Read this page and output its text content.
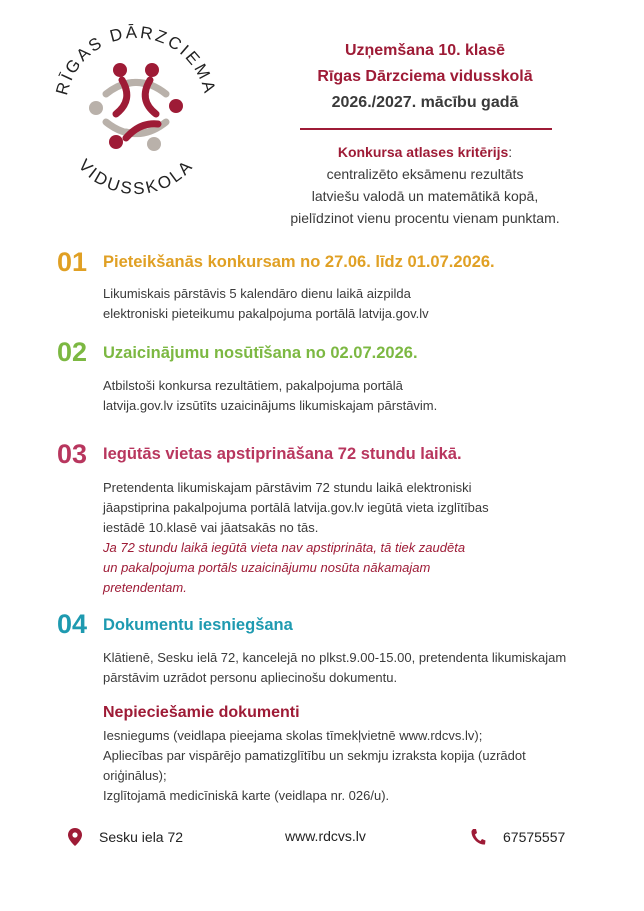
RĪGAS DĀRZCIEMA
VIDUSSKOLA
Uzņemšana 10. klasē
Rīgas Dārzciema vidusskolā
2026./2027. mācību gadā
Konkursa atlases kritērijs:
centralizēto eksāmenu rezultāts
latviešu valodā un matemātikā kopā,
pielīdzinot vienu procentu vienam punktam.
01 Pieteikšanās konkursam no 27.06. līdz 01.07.2026.
Likumiskais pārstāvis 5 kalendāro dienu laikā aizpilda
elektroniski pieteikumu pakalpojuma portālā latvija.gov.lv
02 Uzaicinājumu nosūtīšana no 02.07.2026.
Atbilstoši konkursa rezultātiem, pakalpojuma portālā
latvija.gov.lv izsūtīts uzaicinājums likumiskajam pārstāvim.
03 Iegūtās vietas apstiprināšana 72 stundu laikā.
Pretendenta likumiskajam pārstāvim 72 stundu laikā elektroniski
jāapstiprina pakalpojuma portālā latvija.gov.lv iegūtā vieta izglītības
iestādē 10.klasē vai jāatsakās no tās.
Ja 72 stundu laikā iegūtā vieta nav apstiprināta, tā tiek zaudēta
un pakalpojuma portāls uzaicinājumu nosūta nākamajam
pretendentam.
04 Dokumentu iesniegšana
Klātienē, Sesku ielā 72, kancelejā no plkst.9.00-15.00, pretendenta likumiskajam
pārstāvim uzrādot personu apliecinošu dokumentu.
Nepieciešamie dokumenti
Iesniegums (veidlapa pieejama skolas tīmekļvietnē www.rdcvs.lv);
Apliecības par vispārējo pamatizglītību un sekmju izraksta kopija (uzrādot
oriģinālus);
Izglītojamā medicīniskā karte (veidlapa nr. 026/u).
Sesku iela 72	www.rdcvs.lv	67575557
